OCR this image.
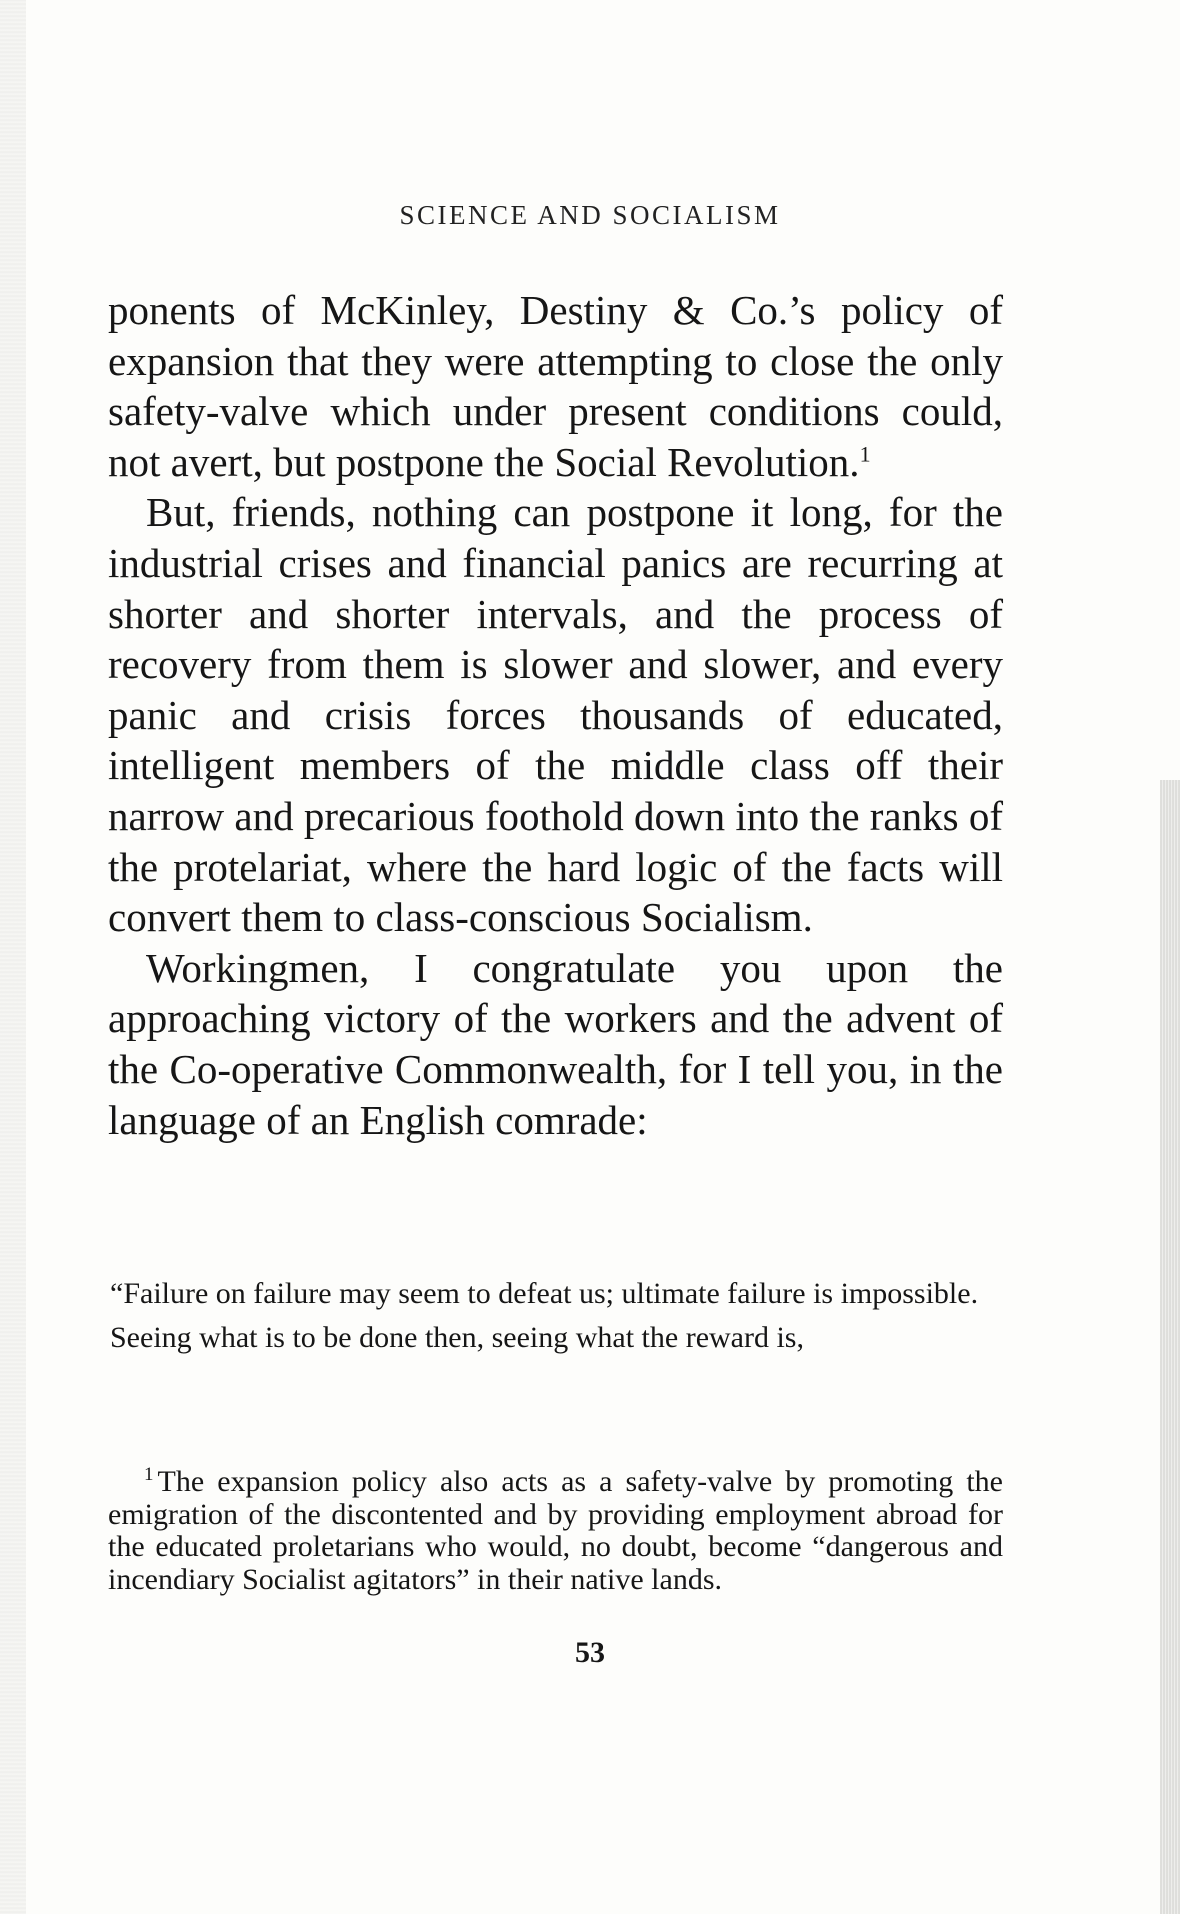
SCIENCE AND SOCIALISM

ponents of McKinley, Destiny & Co.’s policy of expansion that they were attempting to close the only safety-valve which under present conditions could, not avert, but postpone the Social Revolution.$^1$

But, friends, nothing can postpone it long, for the industrial crises and financial panics are recurring at shorter and shorter intervals, and the process of recovery from them is slower and slower, and every panic and crisis forces thousands of educated, intelligent members of the middle class off their narrow and precarious foothold down into the ranks of the protelariat, where the hard logic of the facts will convert them to class-conscious Socialism.

Workingmen, I congratulate you upon the approaching victory of the workers and the advent of the Co-operative Commonwealth, for I tell you, in the language of an English comrade:

“Failure on failure may seem to defeat us; ultimate failure is impossible.

Seeing what is to be done then, seeing what the reward is,

$^1$ The expansion policy also acts as a safety-valve by promoting the emigration of the discontented and by providing employment abroad for the educated proletarians who would, no doubt, become “dangerous and incendiary Socialist agitators” in their native lands.

53
